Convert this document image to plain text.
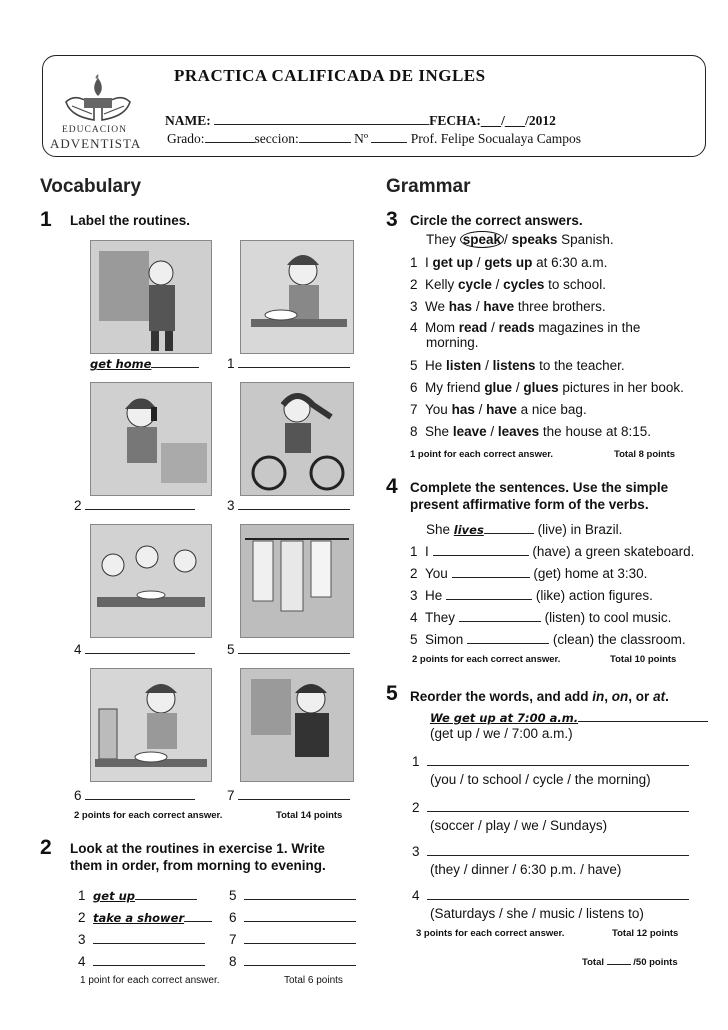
EDUCACION
ADVENTISTA
PRACTICA CALIFICADA DE INGLES
NAME:	FECHA:___/___/2012
Grado:	seccion:	Nº	Prof. Felipe Socualaya Campos
Vocabulary
1 Label the routines.
get home	1
2	3
4	5
6	7
2 points for each correct answer.	Total 14 points
2 Look at the routines in exercise 1. Write
them in order, from morning to evening.
1 get up
2 take a shower
3
4
5
6
7
8
1 point for each correct answer.	Total 6 points
Grammar
3 Circle the correct answers.
They speak / speaks Spanish.
1 I get up / gets up at 6:30 a.m.
2 Kelly cycle / cycles to school.
3 We has / have three brothers.
4 Mom read / reads magazines in the
5 He listen / listens to the teacher.
6 My friend glue / glues pictures in her book.
7 You has / have a nice bag.
8 She leave / leaves the house at 8:15.
morning.
1 point for each correct answer.	Total 8 points
4 Complete the sentences. Use the simple
present affirmative form of the verbs.
She lives	(live) in Brazil.
1 I	(have) a green skateboard.
2 You	(get) home at 3:30.
3 He	(like) action figures.
4 They	(listen) to cool music.
5 Simon	(clean) the classroom.
2 points for each correct answer.	Total 10 points
5 Reorder the words, and add in, on, or at.
We get up at 7:00 a.m.
(get up / we / 7:00 a.m.)
1
(you / to school / cycle / the morning)
2
(soccer / play / we / Sundays)
3
(they / dinner / 6:30 p.m. / have)
4
(Saturdays / she / music / listens to)
3 points for each correct answer.	Total 12 points
Total	/50 points
